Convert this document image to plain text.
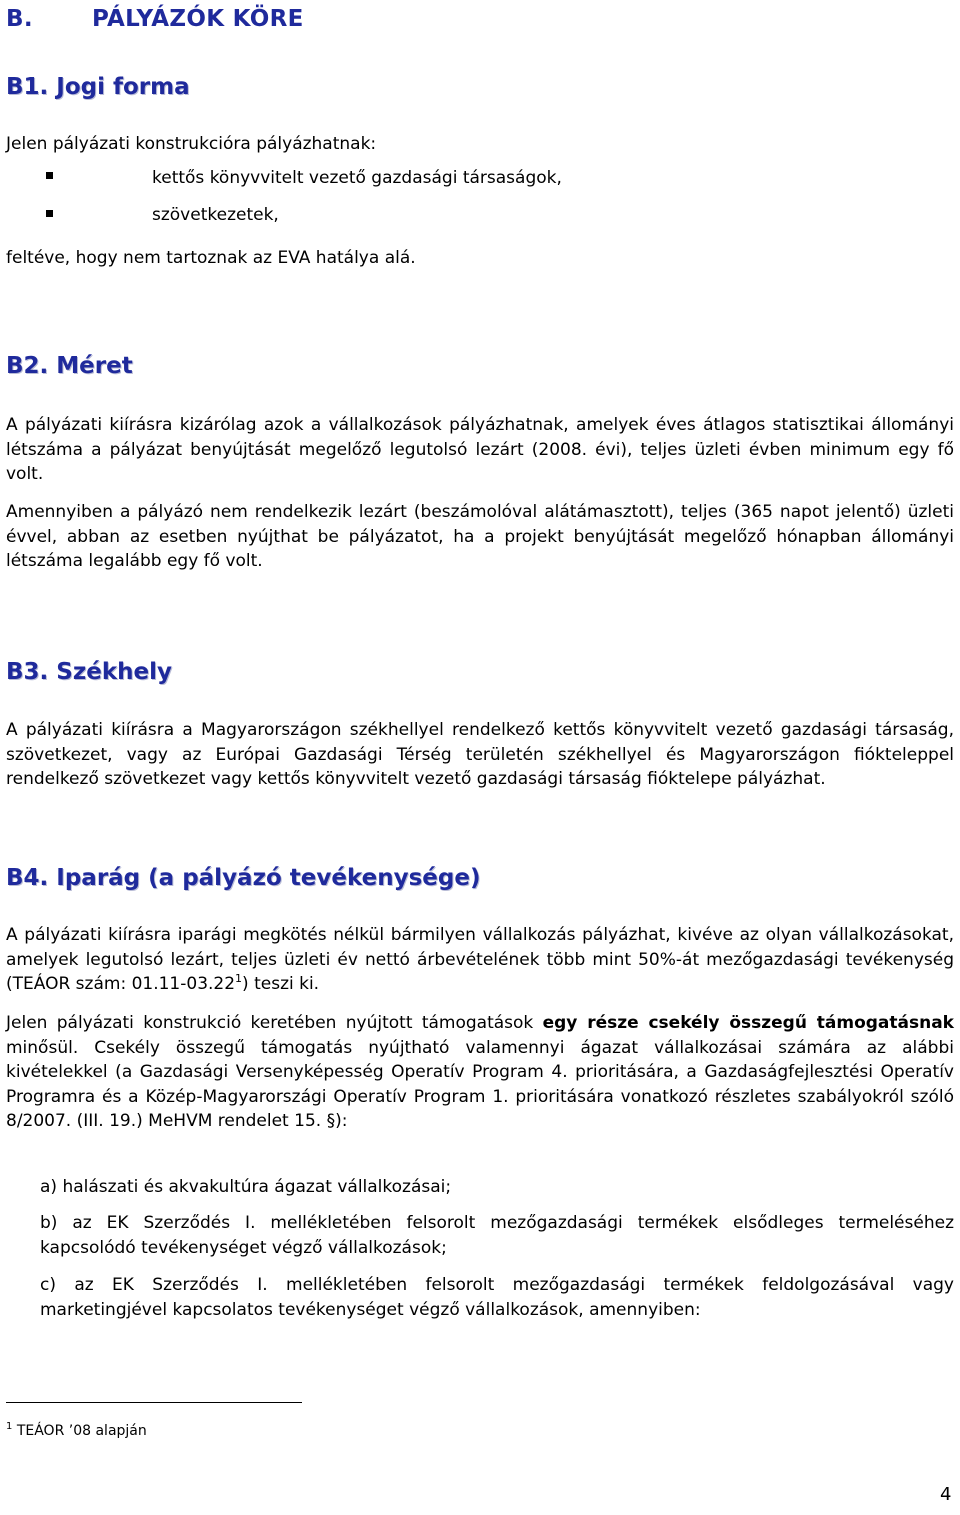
B.	PÁLYÁZÓK KÖRE
B1. Jogi forma
Jelen pályázati konstrukcióra pályázhatnak:
kettős könyvvitelt vezető gazdasági társaságok,
szövetkezetek,
feltéve, hogy nem tartoznak az EVA hatálya alá.
B2. Méret
A pályázati kiírásra kizárólag azok a vállalkozások pályázhatnak, amelyek éves átlagos statisztikai állományi létszáma a pályázat benyújtását megelőző legutolsó lezárt (2008. évi), teljes üzleti évben minimum egy fő volt.
Amennyiben a pályázó nem rendelkezik lezárt (beszámolóval alátámasztott), teljes (365 napot jelentő) üzleti évvel, abban az esetben nyújthat be pályázatot, ha a projekt benyújtását megelőző hónapban állományi létszáma legalább egy fő volt.
B3. Székhely
A pályázati kiírásra a Magyarországon székhellyel rendelkező kettős könyvvitelt vezető gazdasági társaság, szövetkezet, vagy az Európai Gazdasági Térség területén székhellyel és Magyarországon fiókteleppel rendelkező szövetkezet vagy kettős könyvvitelt vezető gazdasági társaság fióktelepe pályázhat.
B4. Iparág (a pályázó tevékenysége)
A pályázati kiírásra iparági megkötés nélkül bármilyen vállalkozás pályázhat, kivéve az olyan vállalkozásokat, amelyek legutolsó lezárt, teljes üzleti év nettó árbevételének több mint 50%-át mezőgazdasági tevékenység (TEÁOR szám: 01.11-03.22$^1$) teszi ki.
Jelen pályázati konstrukció keretében nyújtott támogatások egy része csekély összegű támogatásnak minősül. Csekély összegű támogatás nyújtható valamennyi ágazat vállalkozásai számára az alábbi kivételekkel (a Gazdasági Versenyképesség Operatív Program 4. prioritására, a Gazdaságfejlesztési Operatív Programra és a Közép-Magyarországi Operatív Program 1. prioritására vonatkozó részletes szabályokról szóló 8/2007. (III. 19.) MeHVM rendelet 15. §):
a) halászati és akvakultúra ágazat vállalkozásai;
b) az EK Szerződés I. mellékletében felsorolt mezőgazdasági termékek elsődleges termeléséhez kapcsolódó tevékenységet végző vállalkozások;
c) az EK Szerződés I. mellékletében felsorolt mezőgazdasági termékek feldolgozásával vagy marketingjével kapcsolatos tevékenységet végző vállalkozások, amennyiben:
$^1$ TEÁOR ’08 alapján
4
